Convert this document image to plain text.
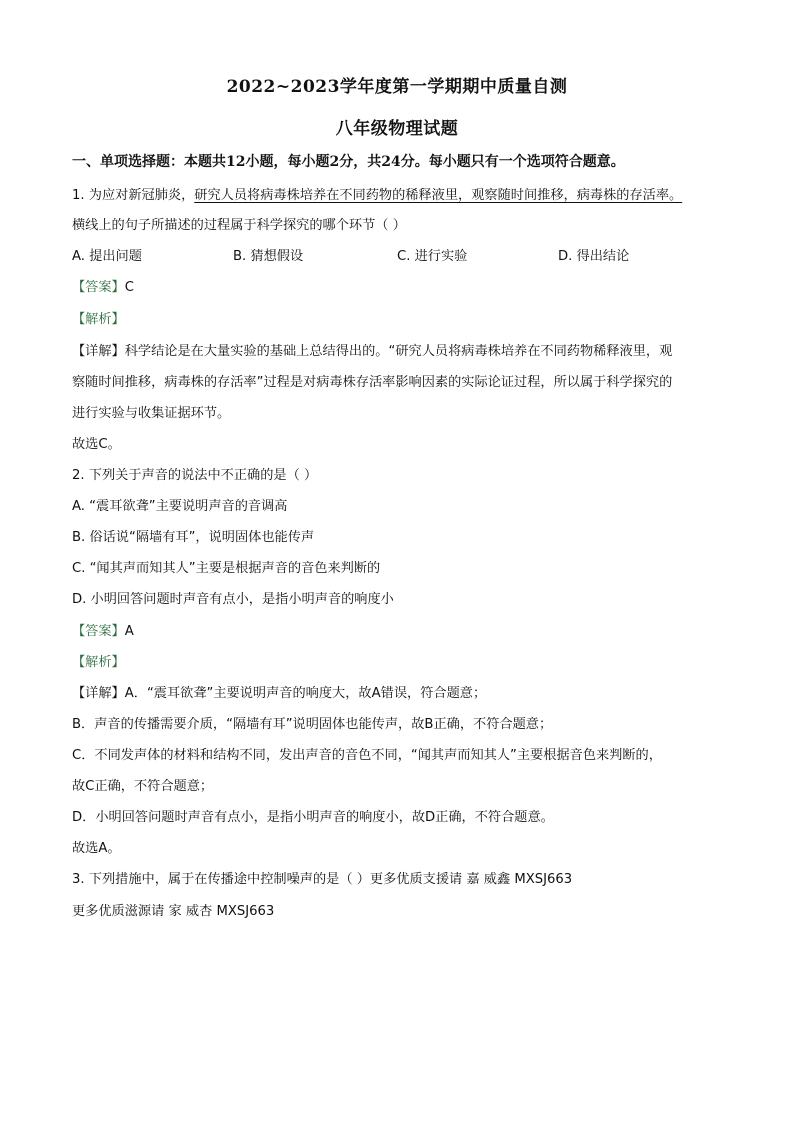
2022~2023学年度第一学期期中质量自测
八年级物理试题
一、单项选择题：本题共12小题，每小题2分，共24分。每小题只有一个选项符合题意。
1. 为应对新冠肺炎，研究人员将病毒株培养在不同药物的稀释液里，观察随时间推移，病毒株的存活率。
横线上的句子所描述的过程属于科学探究的哪个环节（ ）
A. 提出问题	B. 猜想假设	C. 进行实验	D. 得出结论
【答案】C
【解析】
【详解】科学结论是在大量实验的基础上总结得出的。“研究人员将病毒株培养在不同药物稀释液里，观
察随时间推移，病毒株的存活率”过程是对病毒株存活率影响因素的实际论证过程，所以属于科学探究的
进行实验与收集证据环节。
故选C。
2. 下列关于声音的说法中不正确的是（ ）
A. “震耳欲聋”主要说明声音的音调高
B. 俗话说“隔墙有耳”，说明固体也能传声
C. “闻其声而知其人”主要是根据声音的音色来判断的
D. 小明回答问题时声音有点小，是指小明声音的响度小
【答案】A
【解析】
【详解】A．“震耳欲聋”主要说明声音的响度大，故A错误，符合题意；
B．声音的传播需要介质，“隔墙有耳”说明固体也能传声，故B正确，不符合题意；
C．不同发声体的材料和结构不同，发出声音的音色不同，“闻其声而知其人”主要根据音色来判断的，
故C正确，不符合题意；
D．小明回答问题时声音有点小，是指小明声音的响度小，故D正确，不符合题意。
故选A。
3. 下列措施中，属于在传播途中控制噪声的是（ ）更多优质支援请 嘉 威鑫 MXSJ663
更多优质滋源请 家 威杏 MXSJ663
